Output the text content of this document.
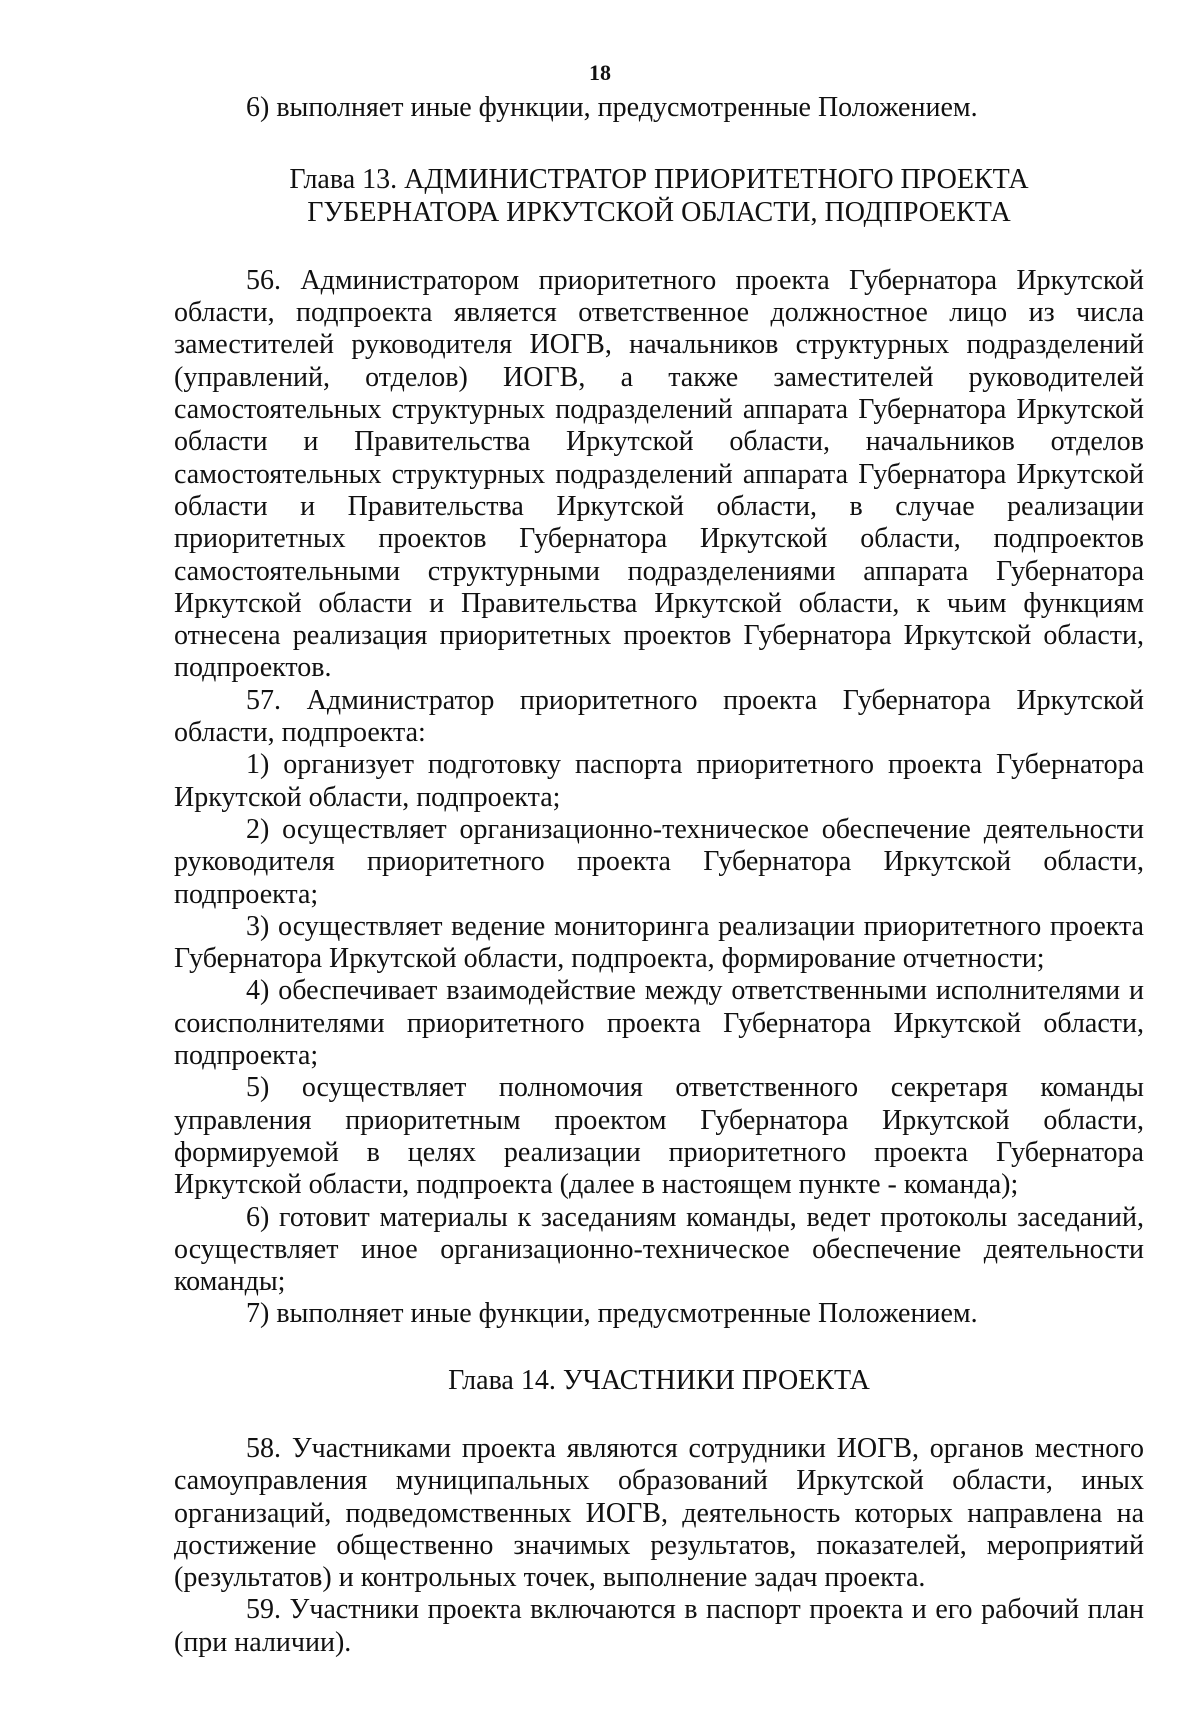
18

6) выполняет иные функции, предусмотренные Положением.

Глава 13. АДМИНИСТРАТОР ПРИОРИТЕТНОГО ПРОЕКТА ГУБЕРНАТОРА ИРКУТСКОЙ ОБЛАСТИ, ПОДПРОЕКТА

56. Администратором приоритетного проекта Губернатора Иркутской области, подпроекта является ответственное должностное лицо из числа заместителей руководителя ИОГВ, начальников структурных подразделений (управлений, отделов) ИОГВ, а также заместителей руководителей самостоятельных структурных подразделений аппарата Губернатора Иркутской области и Правительства Иркутской области, начальников отделов самостоятельных структурных подразделений аппарата Губернатора Иркутской области и Правительства Иркутской области, в случае реализации приоритетных проектов Губернатора Иркутской области, подпроектов самостоятельными структурными подразделениями аппарата Губернатора Иркутской области и Правительства Иркутской области, к чьим функциям отнесена реализация приоритетных проектов Губернатора Иркутской области, подпроектов.

57. Администратор приоритетного проекта Губернатора Иркутской области, подпроекта:

1) организует подготовку паспорта приоритетного проекта Губернатора Иркутской области, подпроекта;

2) осуществляет организационно-техническое обеспечение деятельности руководителя приоритетного проекта Губернатора Иркутской области, подпроекта;

3) осуществляет ведение мониторинга реализации приоритетного проекта Губернатора Иркутской области, подпроекта, формирование отчетности;

4) обеспечивает взаимодействие между ответственными исполнителями и соисполнителями приоритетного проекта Губернатора Иркутской области, подпроекта;

5) осуществляет полномочия ответственного секретаря команды управления приоритетным проектом Губернатора Иркутской области, формируемой в целях реализации приоритетного проекта Губернатора Иркутской области, подпроекта (далее в настоящем пункте - команда);

6) готовит материалы к заседаниям команды, ведет протоколы заседаний, осуществляет иное организационно-техническое обеспечение деятельности команды;

7) выполняет иные функции, предусмотренные Положением.

Глава 14. УЧАСТНИКИ ПРОЕКТА

58. Участниками проекта являются сотрудники ИОГВ, органов местного самоуправления муниципальных образований Иркутской области, иных организаций, подведомственных ИОГВ, деятельность которых направлена на достижение общественно значимых результатов, показателей, мероприятий (результатов) и контрольных точек, выполнение задач проекта.

59. Участники проекта включаются в паспорт проекта и его рабочий план (при наличии).
